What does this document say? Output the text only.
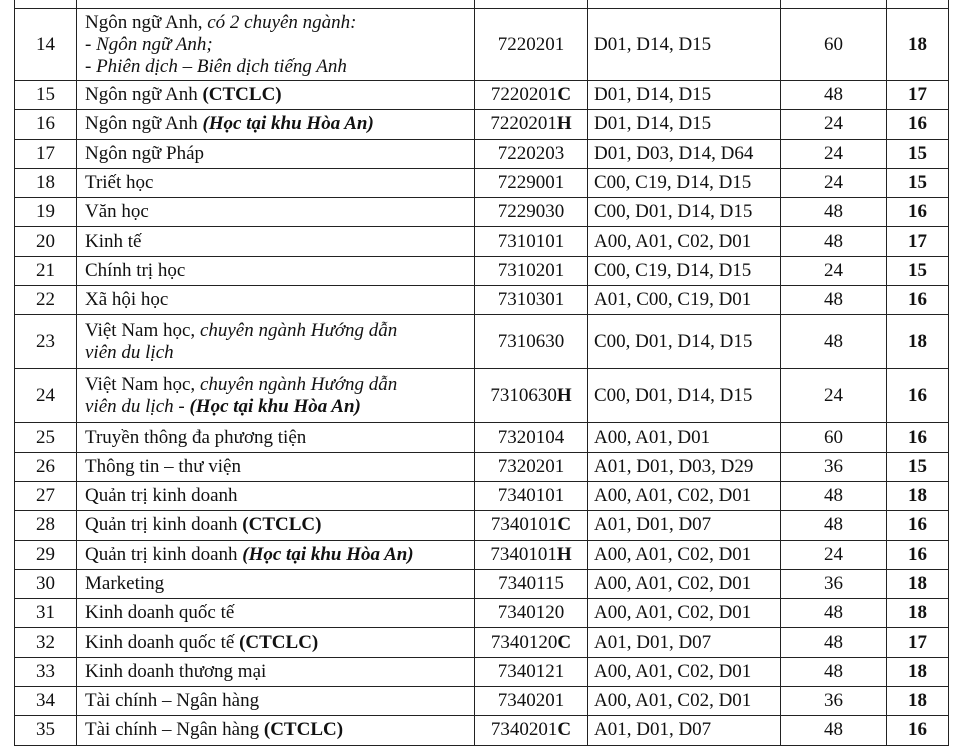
14	Ngôn ngữ Anh, có 2 chuyên ngành:
- Ngôn ngữ Anh;
- Phiên dịch – Biên dịch tiếng Anh	7220201	D01, D14, D15	60	18
15	Ngôn ngữ Anh (CTCLC)	7220201C	D01, D14, D15	48	17
16	Ngôn ngữ Anh (Học tại khu Hòa An)	7220201H	D01, D14, D15	24	16
17	Ngôn ngữ Pháp	7220203	D01, D03, D14, D64	24	15
18	Triết học	7229001	C00, C19, D14, D15	24	15
19	Văn học	7229030	C00, D01, D14, D15	48	16
20	Kinh tế	7310101	A00, A01, C02, D01	48	17
21	Chính trị học	7310201	C00, C19, D14, D15	24	15
22	Xã hội học	7310301	A01, C00, C19, D01	48	16
23	Việt Nam học, chuyên ngành Hướng dẫn
viên du lịch	7310630	C00, D01, D14, D15	48	18
24	Việt Nam học, chuyên ngành Hướng dẫn
viên du lịch - (Học tại khu Hòa An)	7310630H	C00, D01, D14, D15	24	16
25	Truyền thông đa phương tiện	7320104	A00, A01, D01	60	16
26	Thông tin – thư viện	7320201	A01, D01, D03, D29	36	15
27	Quản trị kinh doanh	7340101	A00, A01, C02, D01	48	18
28	Quản trị kinh doanh (CTCLC)	7340101C	A01, D01, D07	48	16
29	Quản trị kinh doanh (Học tại khu Hòa An)	7340101H	A00, A01, C02, D01	24	16
30	Marketing	7340115	A00, A01, C02, D01	36	18
31	Kinh doanh quốc tế	7340120	A00, A01, C02, D01	48	18
32	Kinh doanh quốc tế (CTCLC)	7340120C	A01, D01, D07	48	17
33	Kinh doanh thương mại	7340121	A00, A01, C02, D01	48	18
34	Tài chính – Ngân hàng	7340201	A00, A01, C02, D01	36	18
35	Tài chính – Ngân hàng (CTCLC)	7340201C	A01, D01, D07	48	16
